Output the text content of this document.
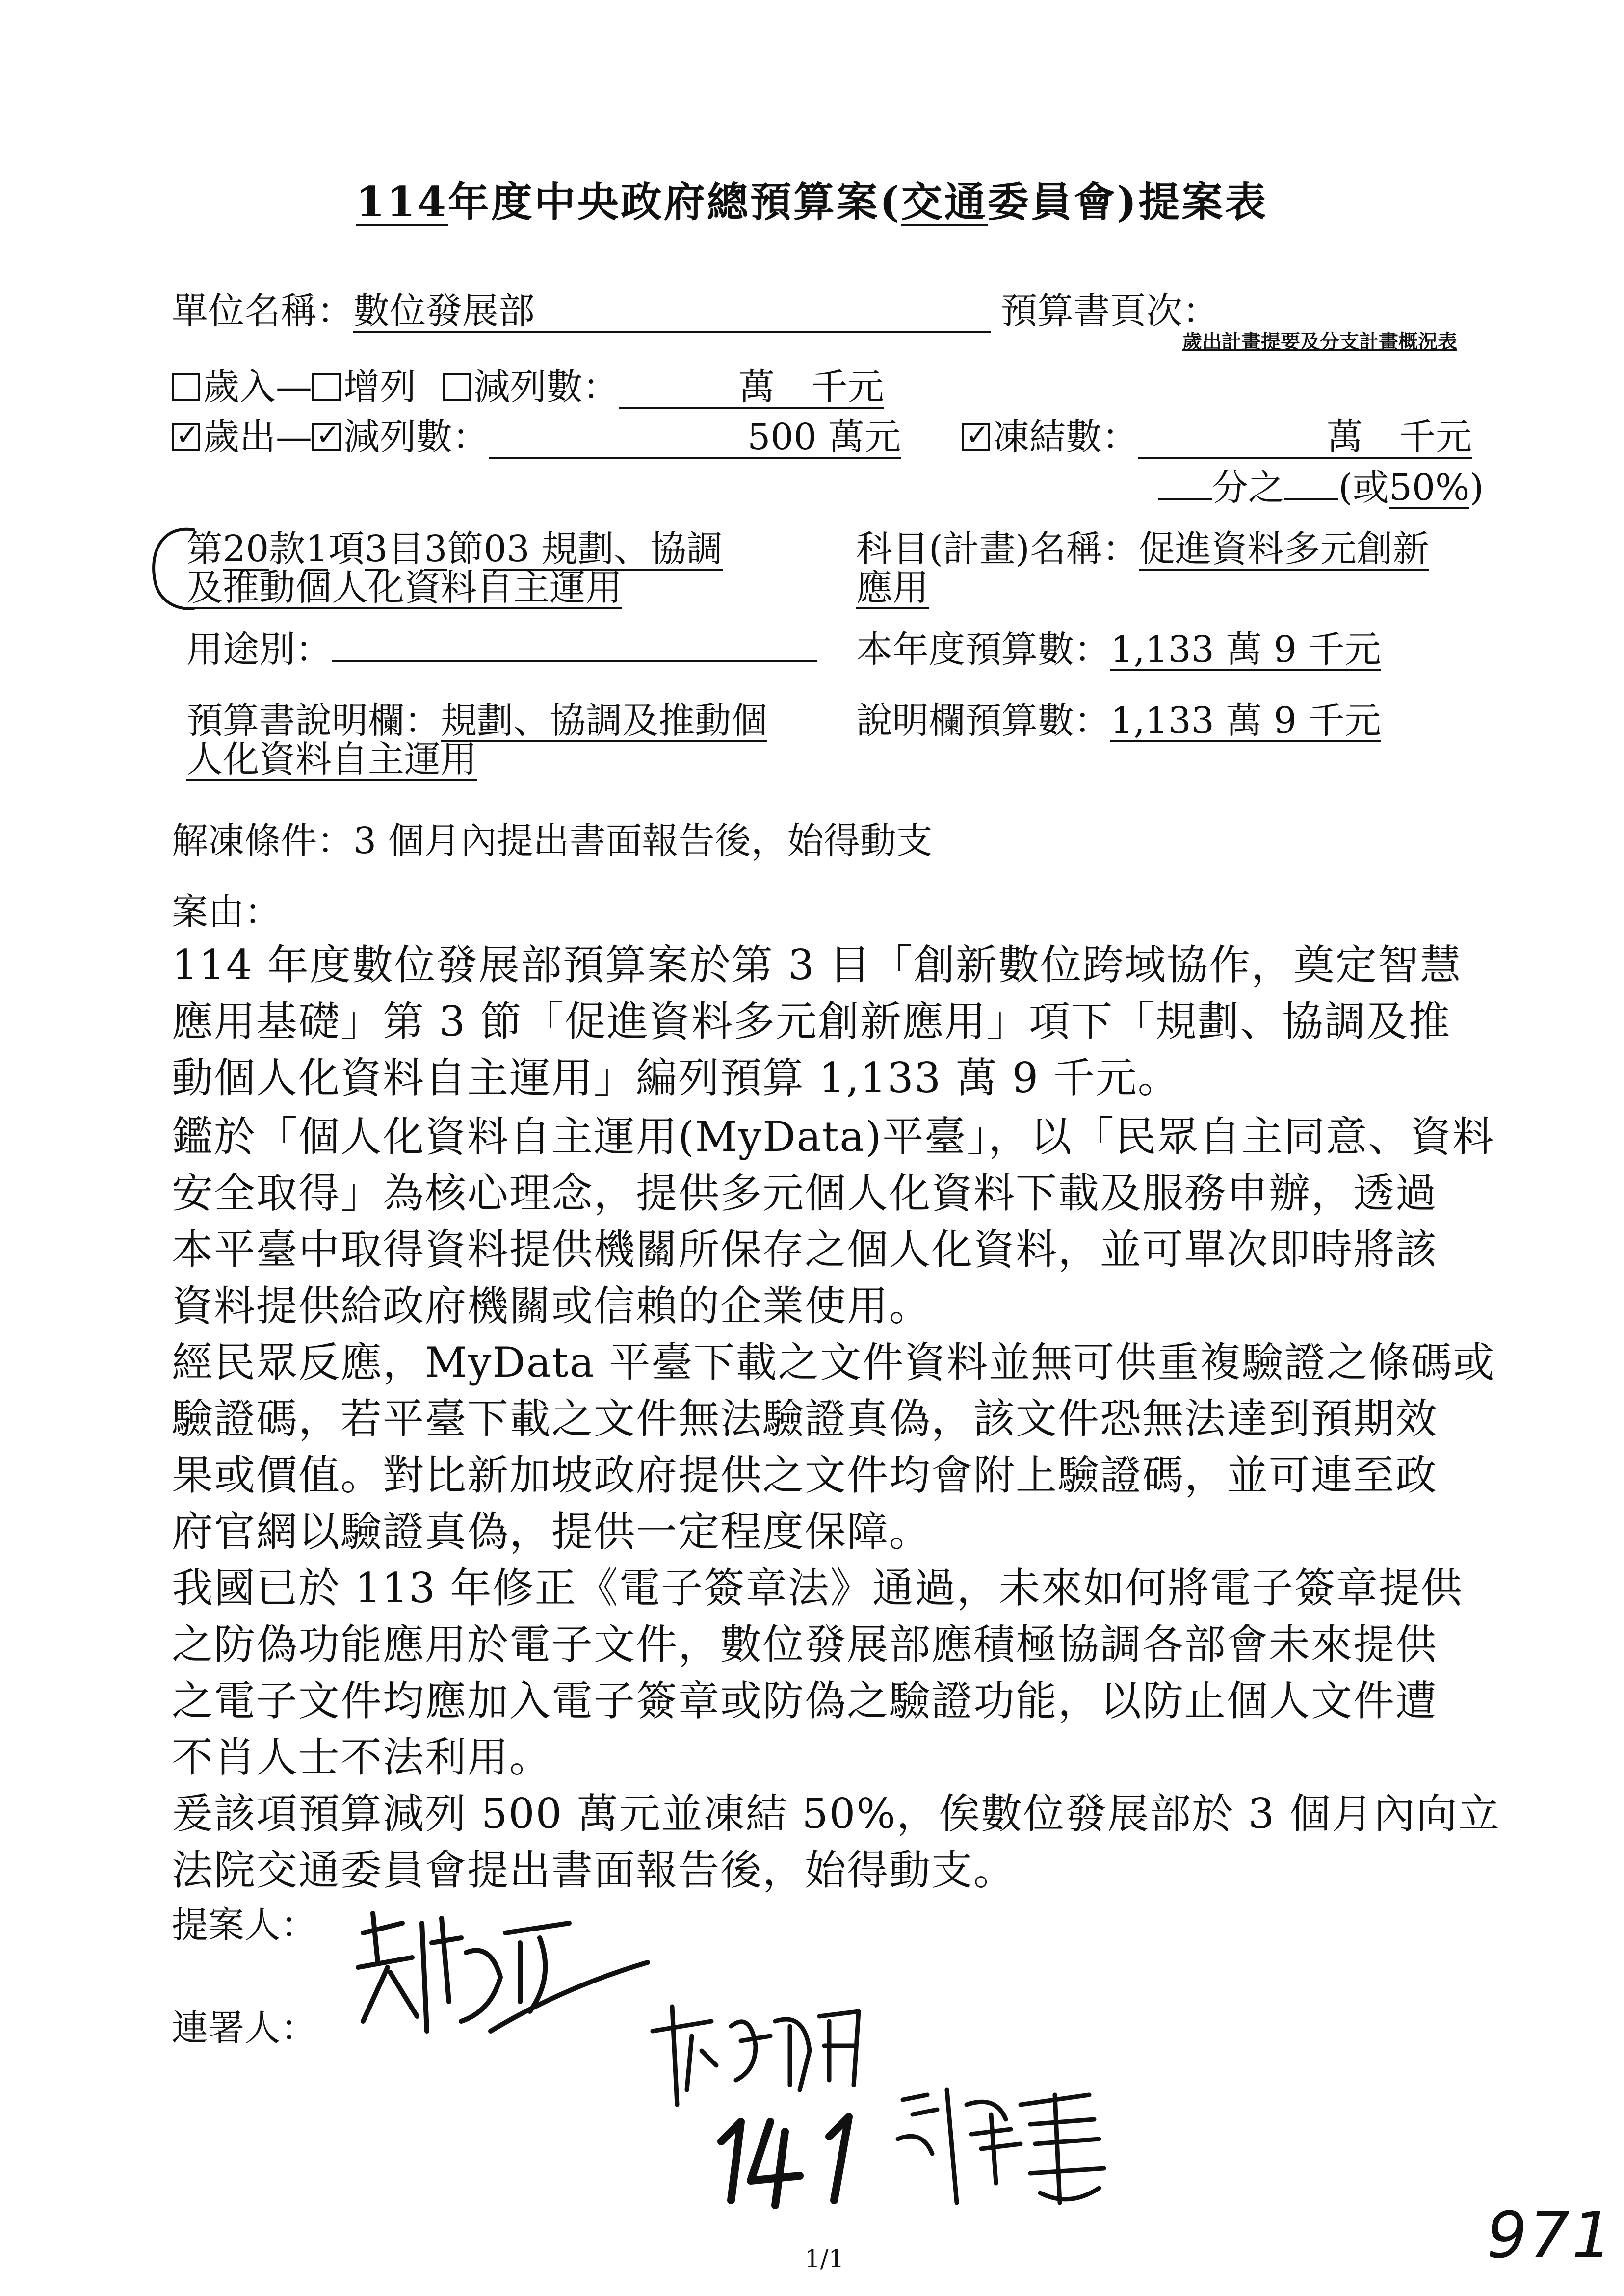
114年度中央政府總預算案(交通委員會)提案表
單位名稱：數位發展部	預算書頁次：
歲出計畫提要及分支計畫概況表
歲入— 增列 減列數：	萬　千元
✓歲出— ✓ 減列數：	500 萬元 ✓	凍結數：	萬　千元
分之 (或50%)
第20款1項3目3節03 規劃、協調
及推動個人化資料自主運用
科目(計畫)名稱：促進資料多元創新
應用
用途別：	本年度預算數：1,133 萬 9 千元
預算書說明欄：規劃、協調及推動個
人化資料自主運用
說明欄預算數：1,133 萬 9 千元
解凍條件：3 個月內提出書面報告後，始得動支
案由：
114 年度數位發展部預算案於第 3 目「創新數位跨域協作，奠定智慧
應用基礎」第 3 節「促進資料多元創新應用」項下「規劃、協調及推
動個人化資料自主運用」編列預算 1,133 萬 9 千元。
鑑於「個人化資料自主運用(MyData)平臺」，以「民眾自主同意、資料
安全取得」為核心理念，提供多元個人化資料下載及服務申辦，透過
本平臺中取得資料提供機關所保存之個人化資料，並可單次即時將該
資料提供給政府機關或信賴的企業使用。
經民眾反應，MyData 平臺下載之文件資料並無可供重複驗證之條碼或
驗證碼，若平臺下載之文件無法驗證真偽，該文件恐無法達到預期效
果或價值。對比新加坡政府提供之文件均會附上驗證碼，並可連至政
府官網以驗證真偽，提供一定程度保障。
我國已於 113 年修正《電子簽章法》通過，未來如何將電子簽章提供
之防偽功能應用於電子文件，數位發展部應積極協調各部會未來提供
之電子文件均應加入電子簽章或防偽之驗證功能，以防止個人文件遭
不肖人士不法利用。
爰該項預算減列 500 萬元並凍結 50%，俟數位發展部於 3 個月內向立
法院交通委員會提出書面報告後，始得動支。
提案人：
連署人：
1/1	971
